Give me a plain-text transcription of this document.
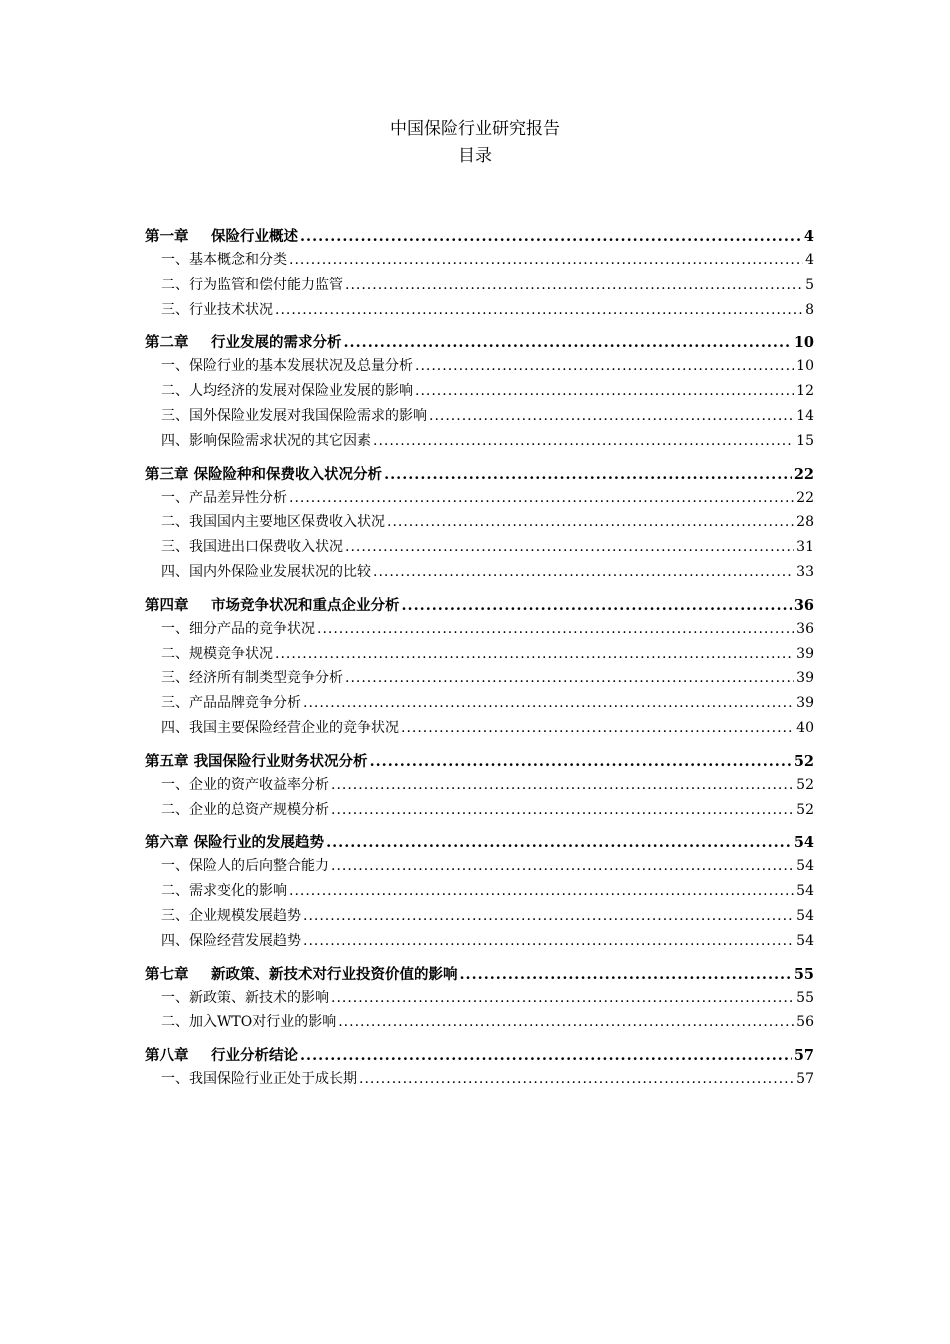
中国保险行业研究报告
目录
第一章 保险行业概述 .....	4
一、基本概念和分类 .....	4
二、行为监管和偿付能力监管 .....	5
三、行业技术状况 .....	8
第二章 行业发展的需求分析 .....	10
一、保险行业的基本发展状况及总量分析 .....	10
二、人均经济的发展对保险业发展的影响 .....	12
三、国外保险业发展对我国保险需求的影响 .....	14
四、影响保险需求状况的其它因素 .....	15
第三章 保险险种和保费收入状况分析 .....	22
一、产品差异性分析 .....	22
二、我国国内主要地区保费收入状况 .....	28
三、我国进出口保费收入状况 .....	31
四、国内外保险业发展状况的比较 .....	33
第四章 市场竞争状况和重点企业分析 .....	36
一、细分产品的竞争状况 .....	36
二、规模竞争状况 .....	39
三、经济所有制类型竞争分析 .....	39
三、产品品牌竞争分析 .....	39
四、我国主要保险经营企业的竞争状况 .....	40
第五章 我国保险行业财务状况分析 .....	52
一、企业的资产收益率分析 .....	52
二、企业的总资产规模分析 .....	52
第六章 保险行业的发展趋势 .....	54
一、保险人的后向整合能力 .....	54
二、需求变化的影响 .....	54
三、企业规模发展趋势 .....	54
四、保险经营发展趋势 .....	54
第七章 新政策、新技术对行业投资价值的影响 .....	55
一、新政策、新技术的影响 .....	55
二、加入WTO对行业的影响 .....	56
第八章 行业分析结论 .....	57
一、我国保险行业正处于成长期 .....	57
